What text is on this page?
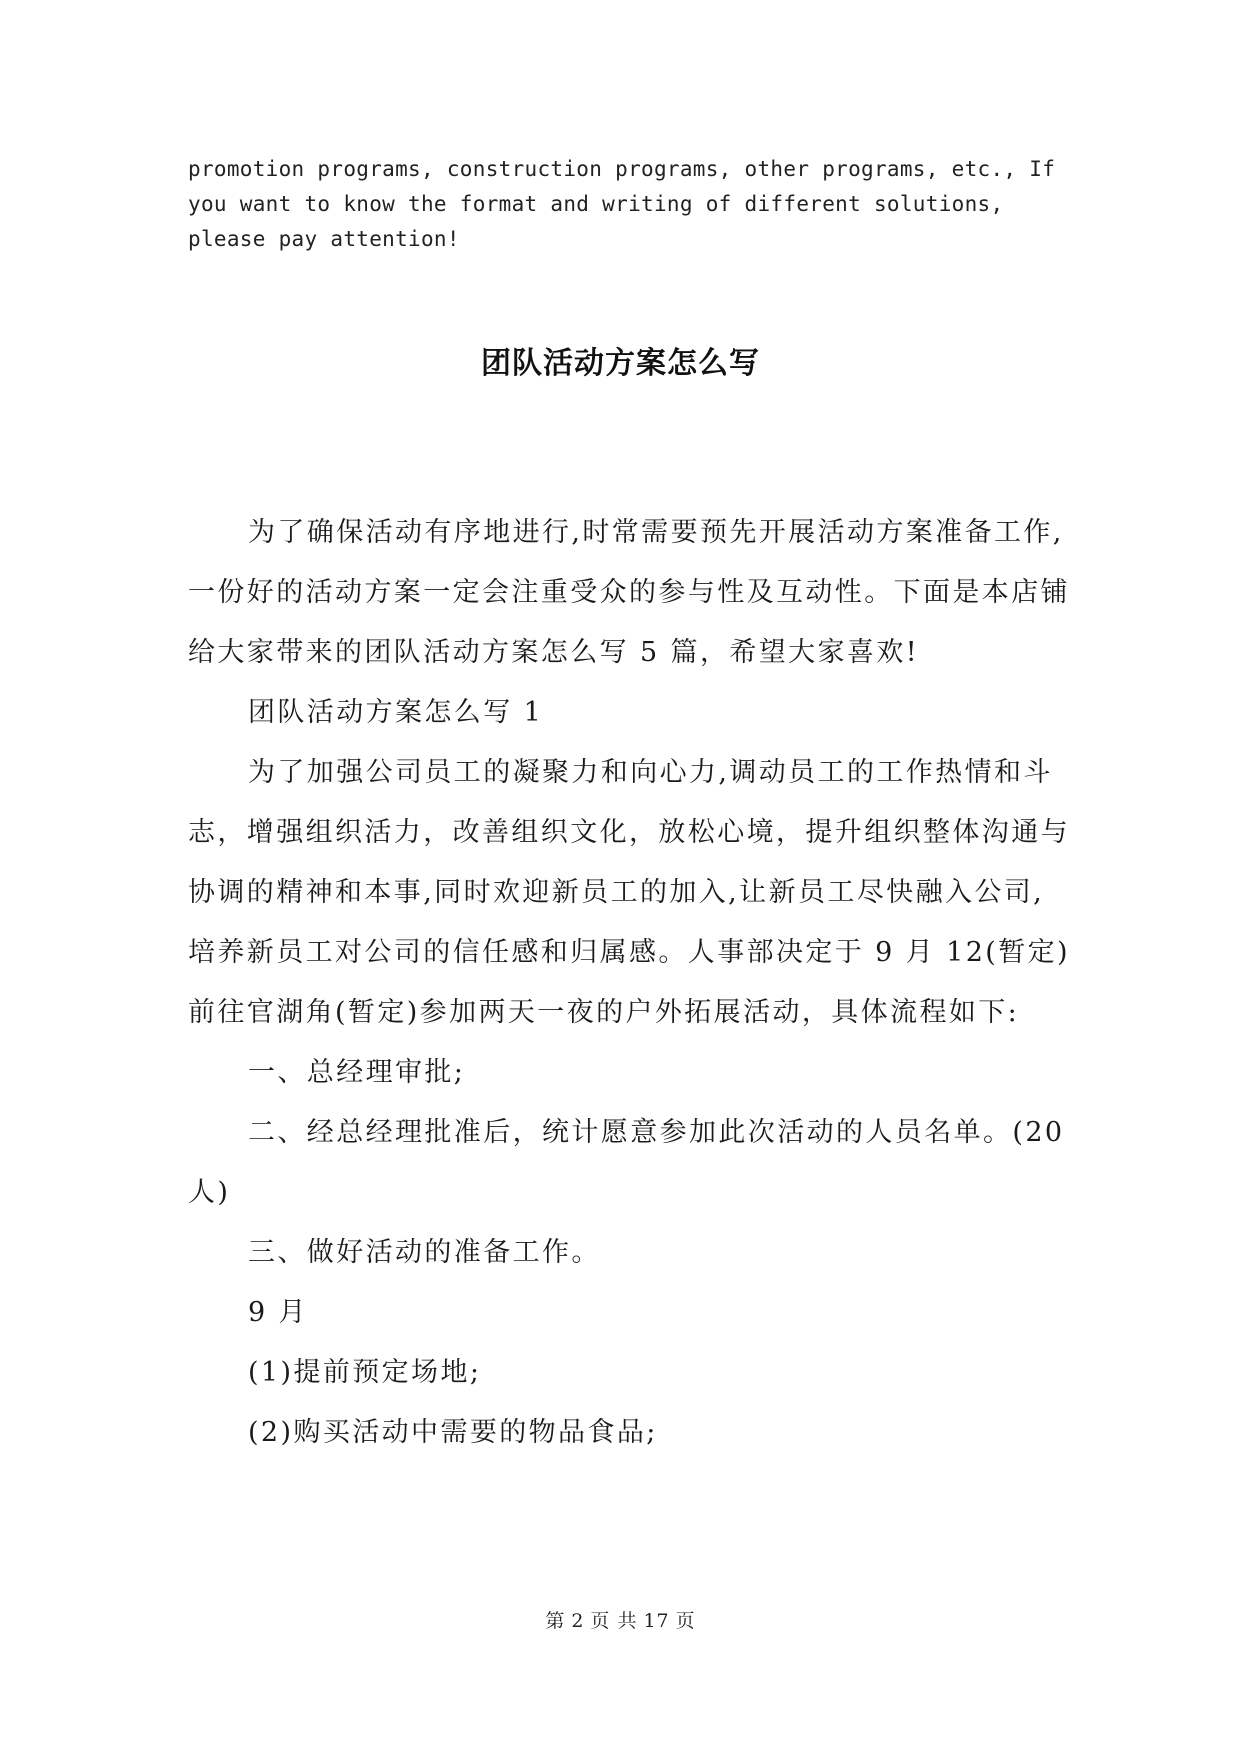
promotion programs, construction programs, other programs, etc., If
you want to know the format and writing of different solutions,
please pay attention!
团队活动方案怎么写
为了确保活动有序地进行,时常需要预先开展活动方案准备工作,
一份好的活动方案一定会注重受众的参与性及互动性。下面是本店铺
给大家带来的团队活动方案怎么写 5 篇，希望大家喜欢!
团队活动方案怎么写 1
为了加强公司员工的凝聚力和向心力,调动员工的工作热情和斗
志，增强组织活力，改善组织文化，放松心境，提升组织整体沟通与
协调的精神和本事,同时欢迎新员工的加入,让新员工尽快融入公司,
培养新员工对公司的信任感和归属感。人事部决定于 9 月 12(暂定)
前往官湖角(暂定)参加两天一夜的户外拓展活动，具体流程如下:
一、总经理审批;
二、经总经理批准后，统计愿意参加此次活动的人员名单。(20
人)
三、做好活动的准备工作。
9 月
(1)提前预定场地;
(2)购买活动中需要的物品食品;
第 2 页 共 17 页
